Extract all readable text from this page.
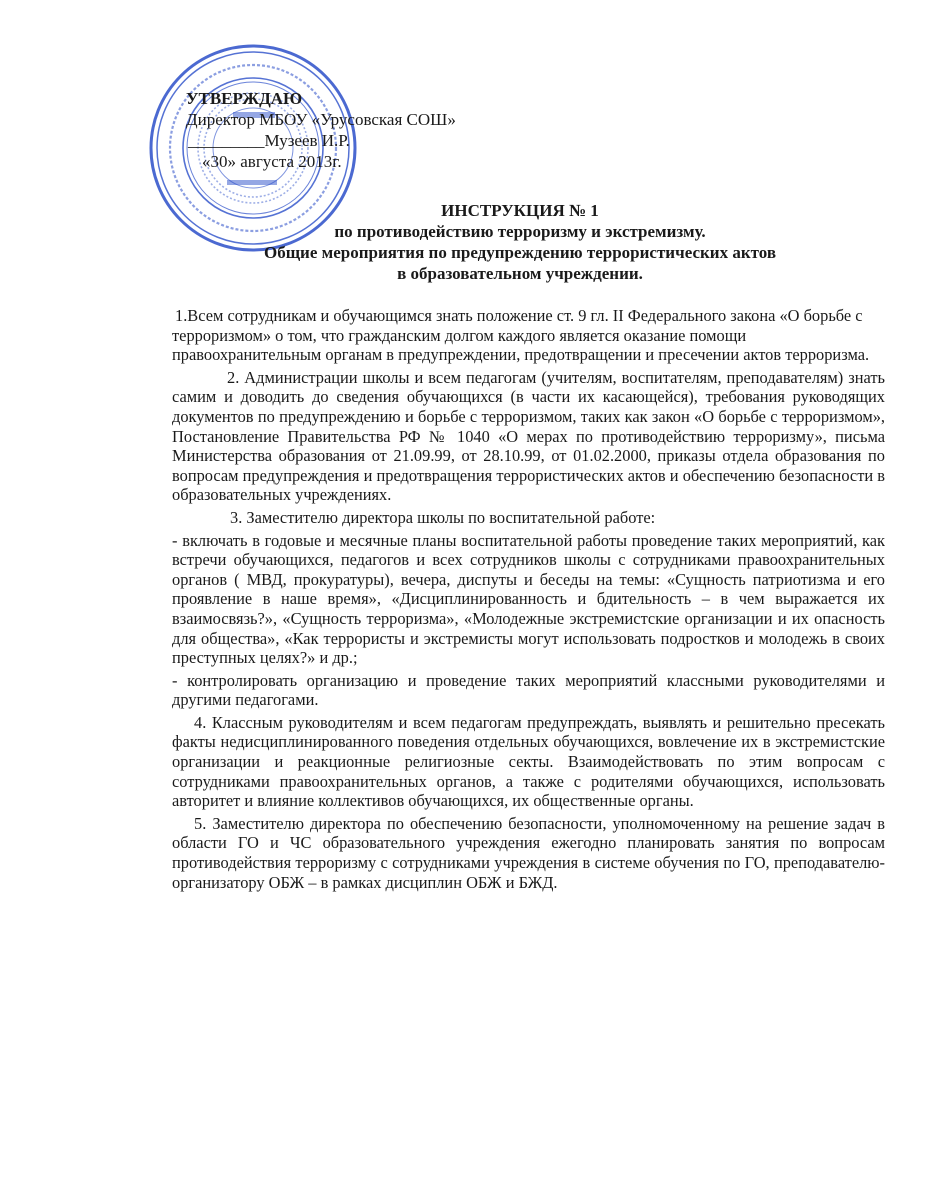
УТВЕРЖДАЮ
Директор МБОУ «Урусовская СОШ»
_________Музеев И.Р.
«30» августа 2013г.
ИНСТРУКЦИЯ № 1
по противодействию терроризму и экстремизму.
Общие мероприятия по предупреждению террористических актов
в образовательном учреждении.

1.Всем сотрудникам и обучающимся знать положение ст. 9 гл. II Федерального закона «О борьбе с терроризмом» о том, что гражданским долгом каждого является оказание помощи правоохранительным органам в предупреждении, предотвращении и пресечении актов терроризма.

2. Администрации школы и всем педагогам (учителям, воспитателям, преподавателям) знать самим и доводить до сведения обучающихся (в части их касающейся), требования руководящих документов по предупреждению и борьбе с терроризмом, таких как закон «О борьбе с терроризмом», Постановление Правительства РФ № 1040 «О мерах по противодействию терроризму», письма Министерства образования от 21.09.99, от 28.10.99, от 01.02.2000, приказы отдела образования по вопросам предупреждения и предотвращения террористических актов и обеспечению безопасности в образовательных учреждениях.

3. Заместителю директора школы по воспитательной работе:

- включать в годовые и месячные планы воспитательной работы проведение таких мероприятий, как встречи обучающихся, педагогов и всех сотрудников школы с сотрудниками правоохранительных органов ( МВД, прокуратуры), вечера, диспуты и беседы на темы: «Сущность патриотизма и его проявление в наше время», «Дисциплинированность и бдительность – в чем выражается их взаимосвязь?», «Сущность терроризма», «Молодежные экстремистские организации и их опасность для общества», «Как террористы и экстремисты могут использовать подростков и молодежь в своих преступных целях?» и др.;

- контролировать организацию и проведение таких мероприятий классными руководителями и другими педагогами.

4. Классным руководителям и всем педагогам предупреждать, выявлять и решительно пресекать факты недисциплинированного поведения отдельных обучающихся, вовлечение их в экстремистские организации и реакционные религиозные секты. Взаимодействовать по этим вопросам с сотрудниками правоохранительных органов, а также с родителями обучающихся, использовать авторитет и влияние коллективов обучающихся, их общественные органы.

5. Заместителю директора по обеспечению безопасности, уполномоченному на решение задач в области ГО и ЧС образовательного учреждения ежегодно планировать занятия по вопросам противодействия терроризму с сотрудниками учреждения в системе обучения по ГО, преподавателю-организатору ОБЖ – в рамках дисциплин ОБЖ и БЖД.
